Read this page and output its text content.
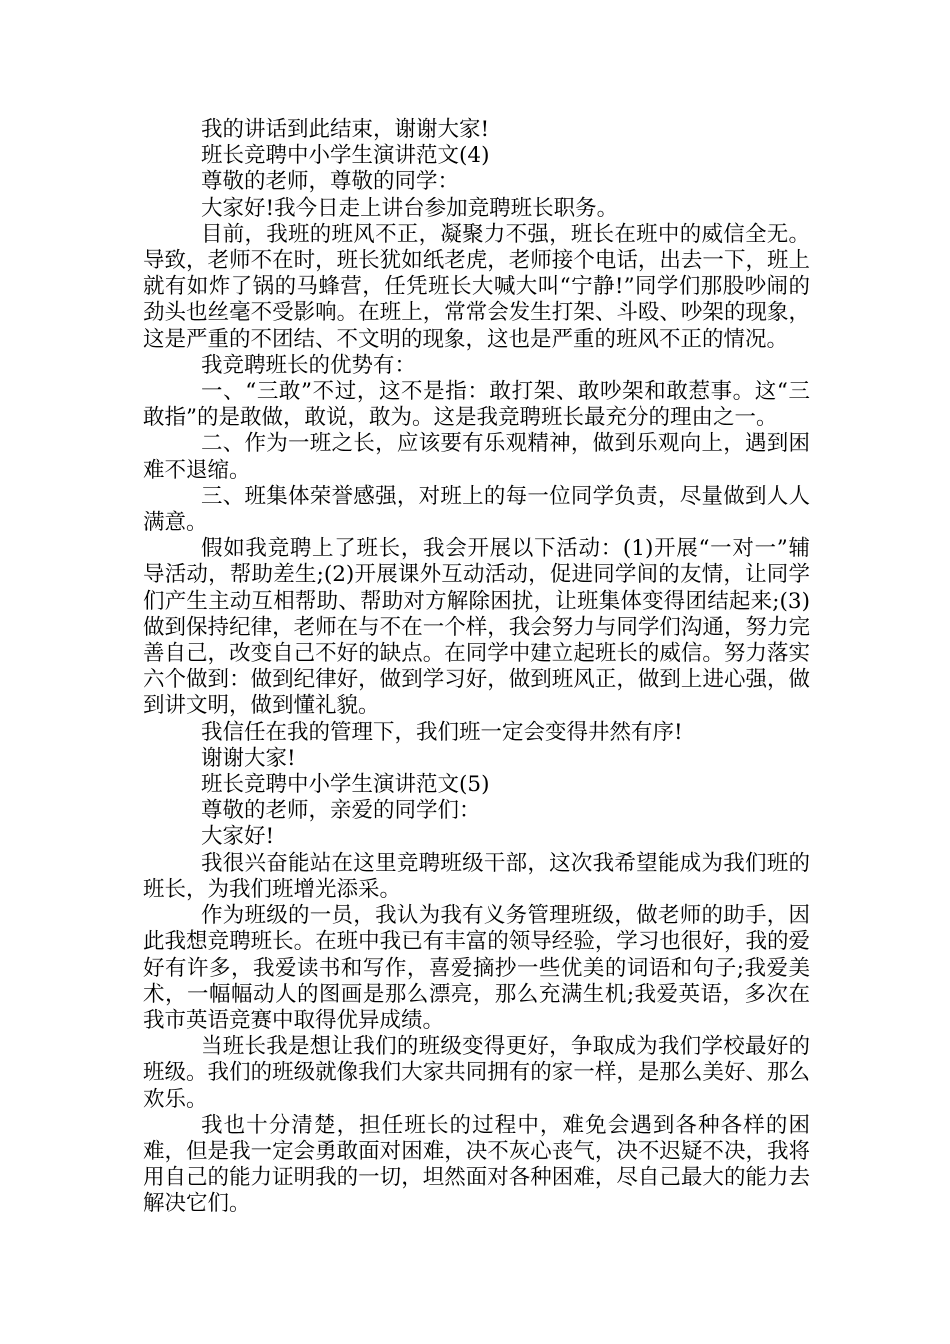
我的讲话到此结束，谢谢大家!

班长竞聘中小学生演讲范文(4)

尊敬的老师，尊敬的同学：

大家好!我今日走上讲台参加竞聘班长职务。

目前，我班的班风不正，凝聚力不强，班长在班中的威信全无。导致，老师不在时，班长犹如纸老虎，老师接个电话，出去一下，班上就有如炸了锅的马蜂营，任凭班长大喊大叫“宁静!”同学们那股吵闹的劲头也丝毫不受影响。在班上，常常会发生打架、斗殴、吵架的现象，这是严重的不团结、不文明的现象，这也是严重的班风不正的情况。

我竞聘班长的优势有：

一、“三敢”不过，这不是指：敢打架、敢吵架和敢惹事。这“三敢指”的是敢做，敢说，敢为。这是我竞聘班长最充分的理由之一。

二、作为一班之长，应该要有乐观精神，做到乐观向上，遇到困难不退缩。

三、班集体荣誉感强，对班上的每一位同学负责，尽量做到人人满意。

假如我竞聘上了班长，我会开展以下活动：(1)开展“一对一”辅导活动，帮助差生;(2)开展课外互动活动，促进同学间的友情，让同学们产生主动互相帮助、帮助对方解除困扰，让班集体变得团结起来;(3)做到保持纪律，老师在与不在一个样，我会努力与同学们沟通，努力完善自己，改变自己不好的缺点。在同学中建立起班长的威信。努力落实六个做到：做到纪律好，做到学习好，做到班风正，做到上进心强，做到讲文明，做到懂礼貌。

我信任在我的管理下，我们班一定会变得井然有序!

谢谢大家!

班长竞聘中小学生演讲范文(5)

尊敬的老师，亲爱的同学们：

大家好!

我很兴奋能站在这里竞聘班级干部，这次我希望能成为我们班的班长，为我们班增光添采。

作为班级的一员，我认为我有义务管理班级，做老师的助手，因此我想竞聘班长。在班中我已有丰富的领导经验，学习也很好，我的爱好有许多，我爱读书和写作，喜爱摘抄一些优美的词语和句子;我爱美术，一幅幅动人的图画是那么漂亮，那么充满生机;我爱英语，多次在我市英语竞赛中取得优异成绩。

当班长我是想让我们的班级变得更好，争取成为我们学校最好的班级。我们的班级就像我们大家共同拥有的家一样，是那么美好、那么欢乐。

我也十分清楚，担任班长的过程中，难免会遇到各种各样的困难，但是我一定会勇敢面对困难，决不灰心丧气，决不迟疑不决，我将用自己的能力证明我的一切，坦然面对各种困难，尽自己最大的能力去解决它们。
